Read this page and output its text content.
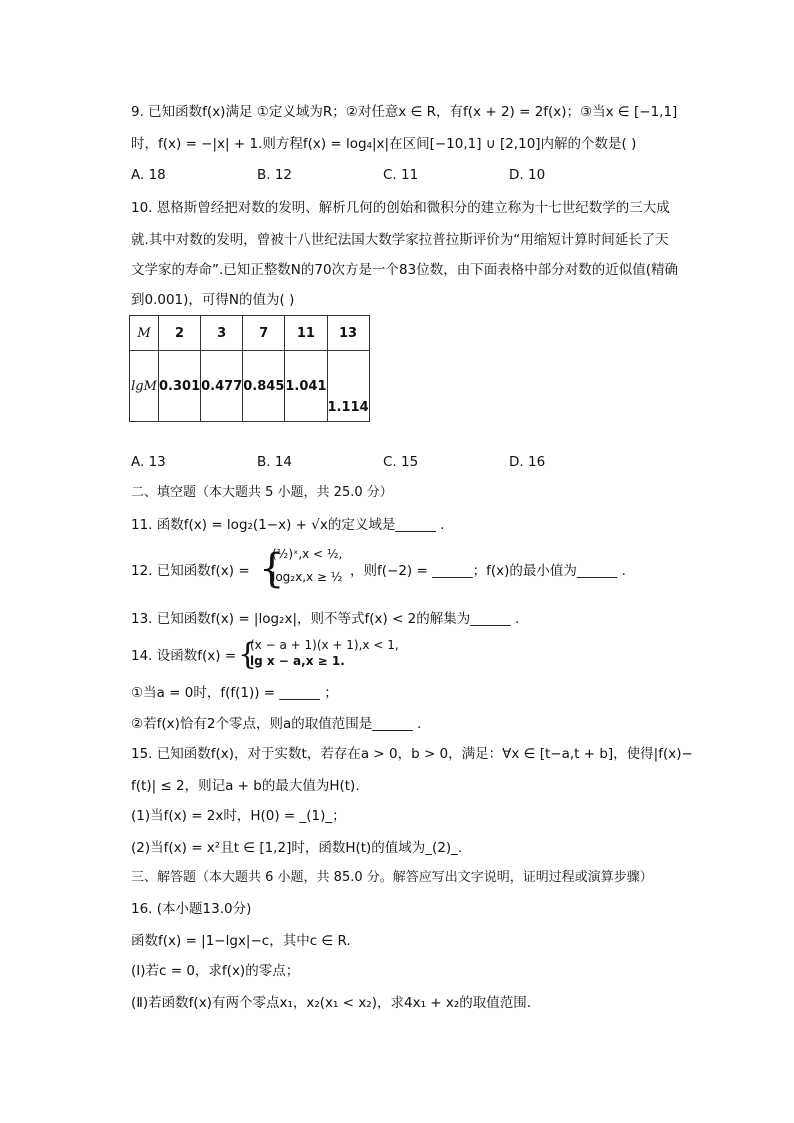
9. 已知函数f(x)满足 ①定义域为R；②对任意x ∈ R，有f(x + 2) = 2f(x)；③当x ∈ [−1,1]
时，f(x) = −|x| + 1.则方程f(x) = log₄|x|在区间[−10,1] ∪ [2,10]内解的个数是( )
A. 18	B. 12	C. 11	D. 10
10. 恩格斯曾经把对数的发明、解析几何的创始和微积分的建立称为十七世纪数学的三大成
就.其中对数的发明，曾被十八世纪法国大数学家拉普拉斯评价为“用缩短计算时间延长了天
文学家的寿命”.已知正整数N的70次方是一个83位数，由下面表格中部分对数的近似值(精确
到0.001)，可得N的值为( )
M	2	3	7	11	13
lgM	0.301	0.477	0.845	1.041	1.114
A. 13	B. 14	C. 15	D. 16
二、填空题（本大题共 5 小题，共 25.0 分）
11. 函数f(x) = log₂(1−x) + √x的定义域是______ .
12. 已知函数f(x) = {
(½)ˣ,x < ½,
log₂x,x ≥ ½ ，则f(−2) = ______；f(x)的最小值为______ .
13. 已知函数f(x) = |log₂x|，则不等式f(x) < 2的解集为______ .
14. 设函数f(x) = {
(x − a + 1)(x + 1),x < 1,
lg x − a,x ≥ 1.
①当a = 0时，f(f(1)) = ______ ；
②若f(x)恰有2个零点，则a的取值范围是______ .
15. 已知函数f(x)，对于实数t，若存在a > 0，b > 0，满足：∀x ∈ [t−a,t + b]，使得|f(x)−
f(t)| ≤ 2，则记a + b的最大值为H(t).
(1)当f(x) = 2x时，H(0) = _(1)_；
(2)当f(x) = x²且t ∈ [1,2]时，函数H(t)的值域为_(2)_.
三、解答题（本大题共 6 小题，共 85.0 分。解答应写出文字说明，证明过程或演算步骤）
16. (本小题13.0分)
函数f(x) = |1−lgx|−c，其中c ∈ R.
(Ⅰ)若c = 0，求f(x)的零点；
(Ⅱ)若函数f(x)有两个零点x₁，x₂(x₁ < x₂)，求4x₁ + x₂的取值范围.
